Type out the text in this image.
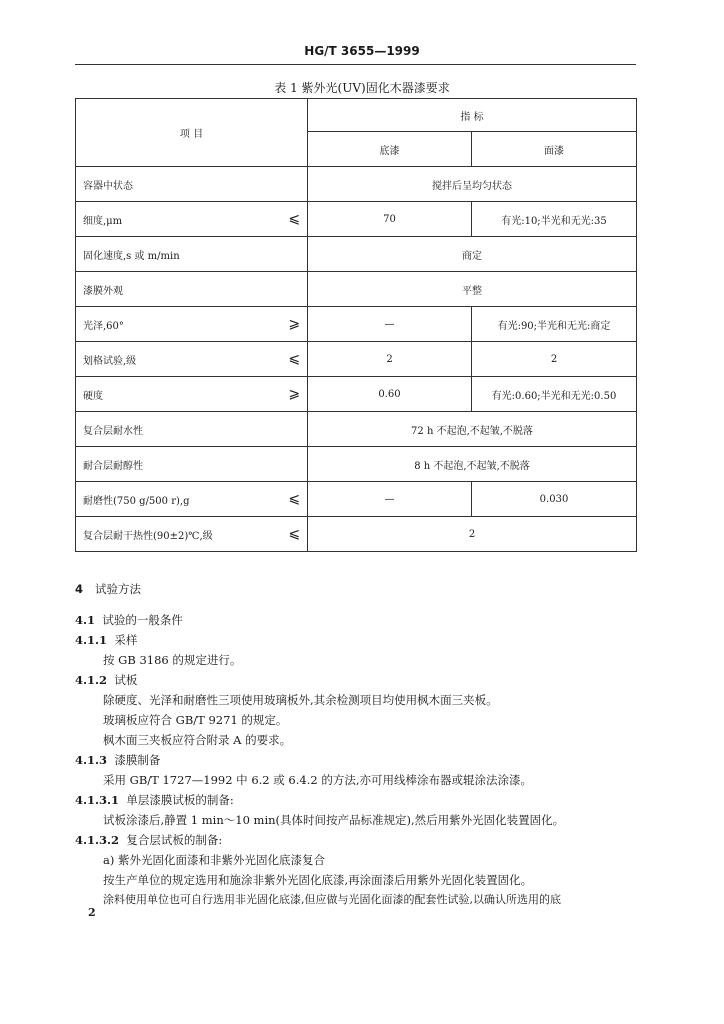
HG/T 3655—1999
表 1 紫外光(UV)固化木器漆要求
项 目		指 标	
		底漆	面漆
容器中状态		搅拌后呈均匀状态	
细度,μm	⩽	70	有光:10;半光和无光:35
固化速度,s 或 m/min		商定	
漆膜外观		平整	
光泽,60°	⩾	—	有光:90;半光和无光:商定
划格试验,级	⩽	2	2
硬度	⩾	0.60	有光:0.60;半光和无光:0.50
复合层耐水性		72 h 不起泡,不起皱,不脱落	
耐合层耐醇性		8 h 不起泡,不起皱,不脱落	
耐磨性(750 g/500 r),g	⩽	—	0.030
复合层耐干热性(90±2)℃,级	⩽	2	
4 试验方法
4.1 试验的一般条件
4.1.1 采样
按 GB 3186 的规定进行。
4.1.2 试板
除硬度、光泽和耐磨性三项使用玻璃板外,其余检测项目均使用枫木面三夹板。
玻璃板应符合 GB/T 9271 的规定。
枫木面三夹板应符合附录 A 的要求。
4.1.3 漆膜制备
采用 GB/T 1727—1992 中 6.2 或 6.4.2 的方法,亦可用线棒涂布器或辊涂法涂漆。
4.1.3.1 单层漆膜试板的制备:
试板涂漆后,静置 1 min～10 min(具体时间按产品标准规定),然后用紫外光固化装置固化。
4.1.3.2 复合层试板的制备:
a) 紫外光固化面漆和非紫外光固化底漆复合
按生产单位的规定选用和施涂非紫外光固化底漆,再涂面漆后用紫外光固化装置固化。
涂料使用单位也可自行选用非光固化底漆,但应做与光固化面漆的配套性试验,以确认所选用的底
2
